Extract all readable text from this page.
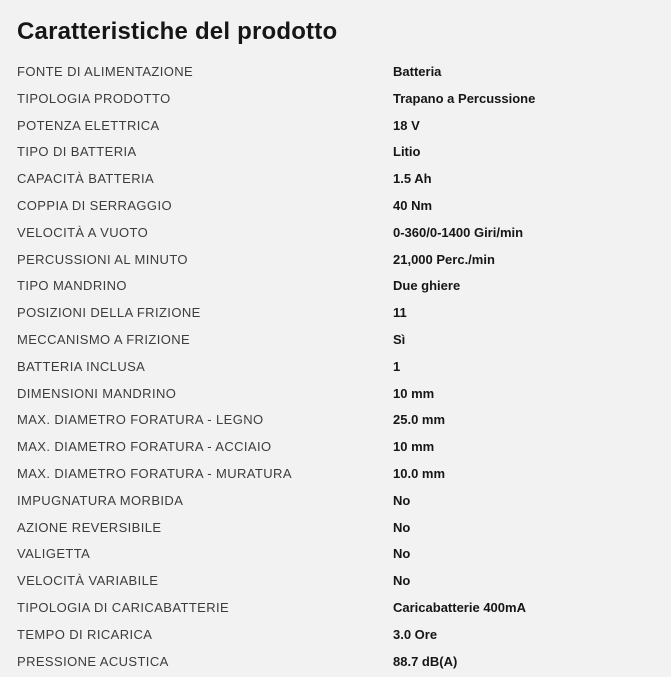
Caratteristiche del prodotto
FONTE DI ALIMENTAZIONE	Batteria
TIPOLOGIA PRODOTTO	Trapano a Percussione
POTENZA ELETTRICA	18 V
TIPO DI BATTERIA	Litio
CAPACITÀ BATTERIA	1.5 Ah
COPPIA DI SERRAGGIO	40 Nm
VELOCITÀ A VUOTO	0-360/0-1400 Giri/min
PERCUSSIONI AL MINUTO	21,000 Perc./min
TIPO MANDRINO	Due ghiere
POSIZIONI DELLA FRIZIONE	11
MECCANISMO A FRIZIONE	Sì
BATTERIA INCLUSA	1
DIMENSIONI MANDRINO	10 mm
MAX. DIAMETRO FORATURA - LEGNO	25.0 mm
MAX. DIAMETRO FORATURA - ACCIAIO	10 mm
MAX. DIAMETRO FORATURA - MURATURA	10.0 mm
IMPUGNATURA MORBIDA	No
AZIONE REVERSIBILE	No
VALIGETTA	No
VELOCITÀ VARIABILE	No
TIPOLOGIA DI CARICABATTERIE	Caricabatterie 400mA
TEMPO DI RICARICA	3.0 Ore
PRESSIONE ACUSTICA	88.7 dB(A)
